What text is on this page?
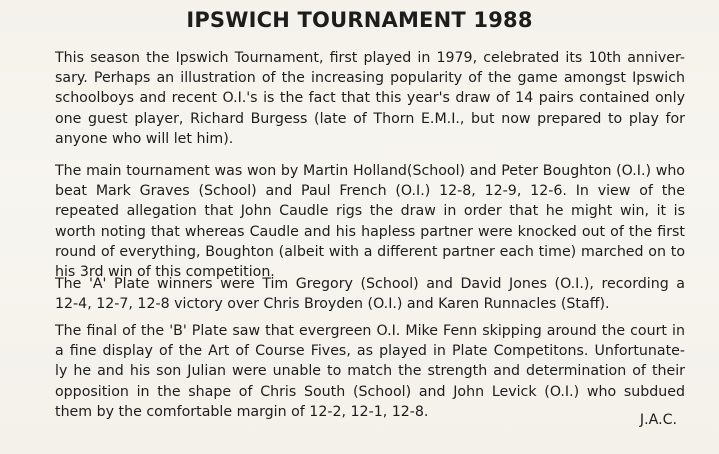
IPSWICH TOURNAMENT 1988

This season the Ipswich Tournament, first played in 1979, celebrated its 10th anniver-
sary. Perhaps an illustration of the increasing popularity of the game amongst Ipswich
schoolboys and recent O.I.'s is the fact that this year's draw of 14 pairs contained only
one guest player, Richard Burgess (late of Thorn E.M.I., but now prepared to play for
anyone who will let him).

The main tournament was won by Martin Holland(School) and Peter Boughton (O.I.) who
beat Mark Graves (School) and Paul French (O.I.) 12-8, 12-9, 12-6. In view of the
repeated allegation that John Caudle rigs the draw in order that he might win, it is
worth noting that whereas Caudle and his hapless partner were knocked out of the first
round of everything, Boughton (albeit with a different partner each time) marched on to
his 3rd win of this competition.

The 'A' Plate winners were Tim Gregory (School) and David Jones (O.I.), recording a
12-4, 12-7, 12-8 victory over Chris Broyden (O.I.) and Karen Runnacles (Staff).

The final of the 'B' Plate saw that evergreen O.I. Mike Fenn skipping around the court in
a fine display of the Art of Course Fives, as played in Plate Competitons. Unfortunate-
ly he and his son Julian were unable to match the strength and determination of their
opposition in the shape of Chris South (School) and John Levick (O.I.) who subdued
them by the comfortable margin of 12-2, 12-1, 12-8.

J.A.C.
